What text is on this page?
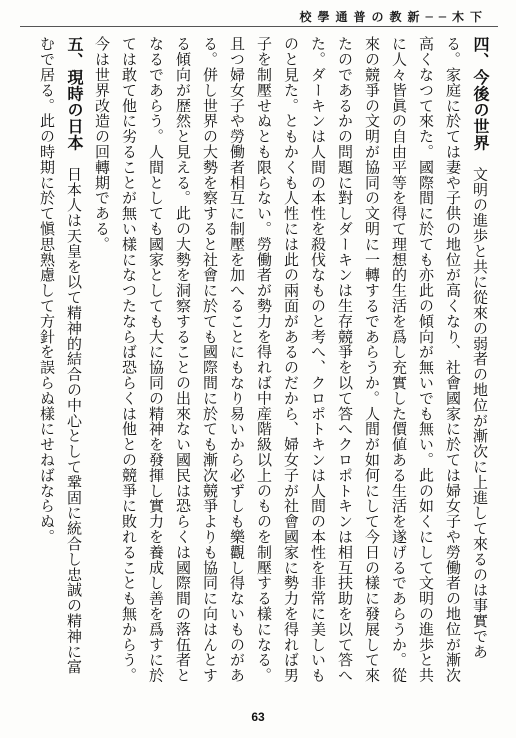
下木──新教の普通學校

四、今後の世界　文明の進歩と共に從來の弱者の地位が漸次に上進して來るのは事實である。家庭に於ては妻や子供の地位が高くなり、社會國家に於ては婦女子や勞働者の地位が漸次高くなつて來た。國際間に於ても亦此の傾向が無いでも無い。此の如くにして文明の進歩と共に人々皆眞の自由平等を得て理想的生活を爲し充實した價値ある生活を遂げるであらうか。從來の競爭の文明が協同の文明に一轉するであらうか。人間が如何にして今日の樣に發展して來たのであるかの問題に對しダーキンは生存競爭を以て答へクロポトキンは相互扶助を以て答へた。ダーキンは人間の本性を殺伐なものと考へ、クロポトキンは人間の本性を非常に美しいものと見た。ともかくも人性には此の兩面があるのだから、婦女子が社會國家に勢力を得れば男子を制壓せぬとも限らない。勞働者が勢力を得れば中産階級以上のものを制壓する樣になる。且つ婦女子や勞働者相互に制壓を加へることにもなり易いから必ずしも樂觀し得ないものがある。併し世界の大勢を察すると社會に於ても國際間に於ても漸次競爭よりも協同に向はんとする傾向が歴然と見える。此の大勢を洞察することの出來ない國民は恐らくは國際間の落伍者となるであらう。人間としても國家としても大に協同の精神を發揮し實力を養成し善を爲すに於ては敢て他に劣ることが無い樣になつたならば恐らくは他との競爭に敗れることも無からう。今は世界改造の回轉期である。

五、現時の日本　日本人は天皇を以て精神的結合の中心として鞏固に統合し忠誠の精神に富むで居る。此の時期に於て愼思熟慮して方針を誤らぬ樣にせねばならぬ。

63
